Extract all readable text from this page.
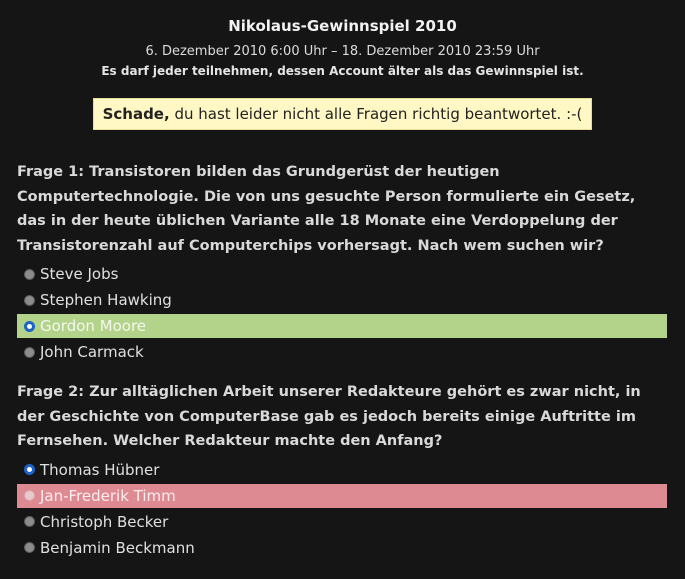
Nikolaus-Gewinnspiel 2010
6. Dezember 2010 6:00 Uhr – 18. Dezember 2010 23:59 Uhr
Es darf jeder teilnehmen, dessen Account älter als das Gewinnspiel ist.
Schade, du hast leider nicht alle Fragen richtig beantwortet. :-(

Frage 1: Transistoren bilden das Grundgerüst der heutigen Computertechnologie. Die von uns gesuchte Person formulierte ein Gesetz, das in der heute üblichen Variante alle 18 Monate eine Verdoppelung der Transistorenzahl auf Computerchips vorhersagt. Nach wem suchen wir?

Steve Jobs
Stephen Hawking
Gordon Moore
John Carmack

Frage 2: Zur alltäglichen Arbeit unserer Redakteure gehört es zwar nicht, in der Geschichte von ComputerBase gab es jedoch bereits einige Auftritte im Fernsehen. Welcher Redakteur machte den Anfang?

Thomas Hübner
Jan-Frederik Timm
Christoph Becker
Benjamin Beckmann
